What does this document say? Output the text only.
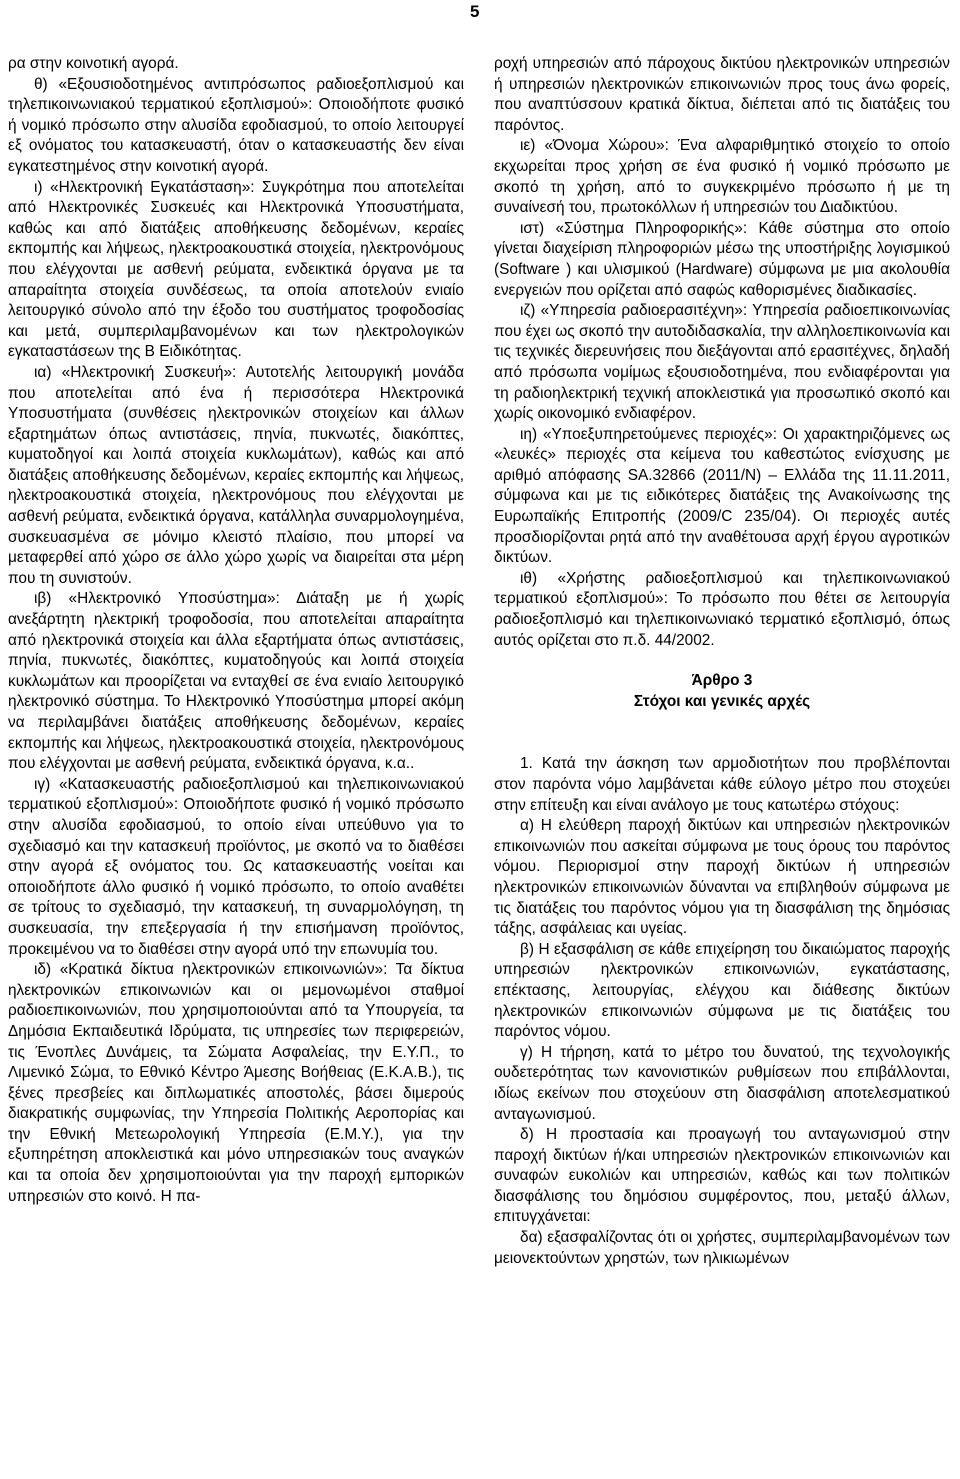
5

ρα στην κοινοτική αγορά.

θ) «Εξουσιοδοτημένος αντιπρόσωπος ραδιοεξοπλισμού και τηλεπικοινωνιακού τερματικού εξοπλισμού»: Οποιοδήποτε φυσικό ή νομικό πρόσωπο στην αλυσίδα εφοδιασμού, το οποίο λειτουργεί εξ ονόματος του κατασκευαστή, όταν ο κατασκευαστής δεν είναι εγκατεστημένος στην κοινοτική αγορά.

ι) «Ηλεκτρονική Εγκατάσταση»: Συγκρότημα που αποτελείται από Ηλεκτρονικές Συσκευές και Ηλεκτρονικά Υποσυστήματα, καθώς και από διατάξεις αποθήκευσης δεδομένων, κεραίες εκπομπής και λήψεως, ηλεκτροακουστικά στοιχεία, ηλεκτρονόμους που ελέγχονται με ασθενή ρεύματα, ενδεικτικά όργανα με τα απαραίτητα στοιχεία συνδέσεως, τα οποία αποτελούν ενιαίο λειτουργικό σύνολο από την έξοδο του συστήματος τροφοδοσίας και μετά, συμπεριλαμβανομένων και των ηλεκτρολογικών εγκαταστάσεων της Β Ειδικότητας.

ια) «Ηλεκτρονική Συσκευή»: Αυτοτελής λειτουργική μονάδα που αποτελείται από ένα ή περισσότερα Ηλεκτρονικά Υποσυστήματα (συνθέσεις ηλεκτρονικών στοιχείων και άλλων εξαρτημάτων όπως αντιστάσεις, πηνία, πυκνωτές, διακόπτες, κυματοδηγοί και λοιπά στοιχεία κυκλωμάτων), καθώς και από διατάξεις αποθήκευσης δεδομένων, κεραίες εκπομπής και λήψεως, ηλεκτροακουστικά στοιχεία, ηλεκτρονόμους που ελέγχονται με ασθενή ρεύματα, ενδεικτικά όργανα, κατάλληλα συναρμολογημένα, συσκευασμένα σε μόνιμο κλειστό πλαίσιο, που μπορεί να μεταφερθεί από χώρο σε άλλο χώρο χωρίς να διαιρείται στα μέρη που τη συνιστούν.

ιβ) «Ηλεκτρονικό Υποσύστημα»: Διάταξη με ή χωρίς ανεξάρτητη ηλεκτρική τροφοδοσία, που αποτελείται απαραίτητα από ηλεκτρονικά στοιχεία και άλλα εξαρτήματα όπως αντιστάσεις, πηνία, πυκνωτές, διακόπτες, κυματοδηγούς και λοιπά στοιχεία κυκλωμάτων και προορίζεται να ενταχθεί σε ένα ενιαίο λειτουργικό ηλεκτρονικό σύστημα. Το Ηλεκτρονικό Υποσύστημα μπορεί ακόμη να περιλαμβάνει διατάξεις αποθήκευσης δεδομένων, κεραίες εκπομπής και λήψεως, ηλεκτροακουστικά στοιχεία, ηλεκτρονόμους που ελέγχονται με ασθενή ρεύματα, ενδεικτικά όργανα, κ.α..

ιγ) «Κατασκευαστής ραδιοεξοπλισμού και τηλεπικοινωνιακού τερματικού εξοπλισμού»: Οποιοδήποτε φυσικό ή νομικό πρόσωπο στην αλυσίδα εφοδιασμού, το οποίο είναι υπεύθυνο για το σχεδιασμό και την κατασκευή προϊόντος, με σκοπό να το διαθέσει στην αγορά εξ ονόματος του. Ως κατασκευαστής νοείται και οποιοδήποτε άλλο φυσικό ή νομικό πρόσωπο, το οποίο αναθέτει σε τρίτους το σχεδιασμό, την κατασκευή, τη συναρμολόγηση, τη συσκευασία, την επεξεργασία ή την επισήμανση προϊόντος, προκειμένου να το διαθέσει στην αγορά υπό την επωνυμία του.

ιδ) «Κρατικά δίκτυα ηλεκτρονικών επικοινωνιών»: Τα δίκτυα ηλεκτρονικών επικοινωνιών και οι μεμονωμένοι σταθμοί ραδιοεπικοινωνιών, που χρησιμοποιούνται από τα Υπουργεία, τα Δημόσια Εκπαιδευτικά Ιδρύματα, τις υπηρεσίες των περιφερειών, τις Ένοπλες Δυνάμεις, τα Σώματα Ασφαλείας, την Ε.Υ.Π., το Λιμενικό Σώμα, το Εθνικό Κέντρο Άμεσης Βοήθειας (Ε.Κ.Α.Β.), τις ξένες πρεσβείες και διπλωματικές αποστολές, βάσει διμερούς διακρατικής συμφωνίας, την Υπηρεσία Πολιτικής Αεροπορίας και την Εθνική Μετεωρολογική Υπηρεσία (Ε.Μ.Υ.), για την εξυπηρέτηση αποκλειστικά και μόνο υπηρεσιακών τους αναγκών και τα οποία δεν χρησιμοποιούνται για την παροχή εμπορικών υπηρεσιών στο κοινό. Η πα-

ροχή υπηρεσιών από πάροχους δικτύου ηλεκτρονικών υπηρεσιών ή υπηρεσιών ηλεκτρονικών επικοινωνιών προς τους άνω φορείς, που αναπτύσσουν κρατικά δίκτυα, διέπεται από τις διατάξεις του παρόντος.

ιε) «Όνομα Χώρου»: Ένα αλφαριθμητικό στοιχείο το οποίο εκχωρείται προς χρήση σε ένα φυσικό ή νομικό πρόσωπο με σκοπό τη χρήση, από το συγκεκριμένο πρόσωπο ή με τη συναίνεσή του, πρωτοκόλλων ή υπηρεσιών του Διαδικτύου.

ιστ) «Σύστημα Πληροφορικής»: Κάθε σύστημα στο οποίο γίνεται διαχείριση πληροφοριών μέσω της υποστήριξης λογισμικού (Software ) και υλισμικού (Hardware) σύμφωνα με μια ακολουθία ενεργειών που ορίζεται από σαφώς καθορισμένες διαδικασίες.

ιζ) «Υπηρεσία ραδιοερασιτέχνη»: Υπηρεσία ραδιοεπικοινωνίας που έχει ως σκοπό την αυτοδιδασκαλία, την αλληλοεπικοινωνία και τις τεχνικές διερευνήσεις που διεξάγονται από ερασιτέχνες, δηλαδή από πρόσωπα νομίμως εξουσιοδοτημένα, που ενδιαφέρονται για τη ραδιοηλεκτρική τεχνική αποκλειστικά για προσωπικό σκοπό και χωρίς οικονομικό ενδιαφέρον.

ιη) «Υποεξυπηρετούμενες περιοχές»: Οι χαρακτηριζόμενες ως «λευκές» περιοχές στα κείμενα του καθεστώτος ενίσχυσης με αριθμό απόφασης SA.32866 (2011/N) – Ελλάδα της 11.11.2011, σύμφωνα και με τις ειδικότερες διατάξεις της Ανακοίνωσης της Ευρωπαϊκής Επιτροπής (2009/C 235/04). Οι περιοχές αυτές προσδιορίζονται ρητά από την αναθέτουσα αρχή έργου αγροτικών δικτύων.

ιθ) «Χρήστης ραδιοεξοπλισμού και τηλεπικοινωνιακού τερματικού εξοπλισμού»: Το πρόσωπο που θέτει σε λειτουργία ραδιοεξοπλισμό και τηλεπικοινωνιακό τερματικό εξοπλισμό, όπως αυτός ορίζεται στο π.δ. 44/2002.

Άρθρο 3
Στόχοι και γενικές αρχές

1. Κατά την άσκηση των αρμοδιοτήτων που προβλέπονται στον παρόντα νόμο λαμβάνεται κάθε εύλογο μέτρο που στοχεύει στην επίτευξη και είναι ανάλογο με τους κατωτέρω στόχους:

α) Η ελεύθερη παροχή δικτύων και υπηρεσιών ηλεκτρονικών επικοινωνιών που ασκείται σύμφωνα με τους όρους του παρόντος νόμου. Περιορισμοί στην παροχή δικτύων ή υπηρεσιών ηλεκτρονικών επικοινωνιών δύνανται να επιβληθούν σύμφωνα με τις διατάξεις του παρόντος νόμου για τη διασφάλιση της δημόσιας τάξης, ασφάλειας και υγείας.

β) Η εξασφάλιση σε κάθε επιχείρηση του δικαιώματος παροχής υπηρεσιών ηλεκτρονικών επικοινωνιών, εγκατάστασης, επέκτασης, λειτουργίας, ελέγχου και διάθεσης δικτύων ηλεκτρονικών επικοινωνιών σύμφωνα με τις διατάξεις του παρόντος νόμου.

γ) Η τήρηση, κατά το μέτρο του δυνατού, της τεχνολογικής ουδετερότητας των κανονιστικών ρυθμίσεων που επιβάλλονται, ιδίως εκείνων που στοχεύουν στη διασφάλιση αποτελεσματικού ανταγωνισμού.

δ) Η προστασία και προαγωγή του ανταγωνισμού στην παροχή δικτύων ή/και υπηρεσιών ηλεκτρονικών επικοινωνιών και συναφών ευκολιών και υπηρεσιών, καθώς και των πολιτικών διασφάλισης του δημόσιου συμφέροντος, που, μεταξύ άλλων, επιτυγχάνεται:

δα) εξασφαλίζοντας ότι οι χρήστες, συμπεριλαμβανομένων των μειονεκτούντων χρηστών, των ηλικιωμένων
